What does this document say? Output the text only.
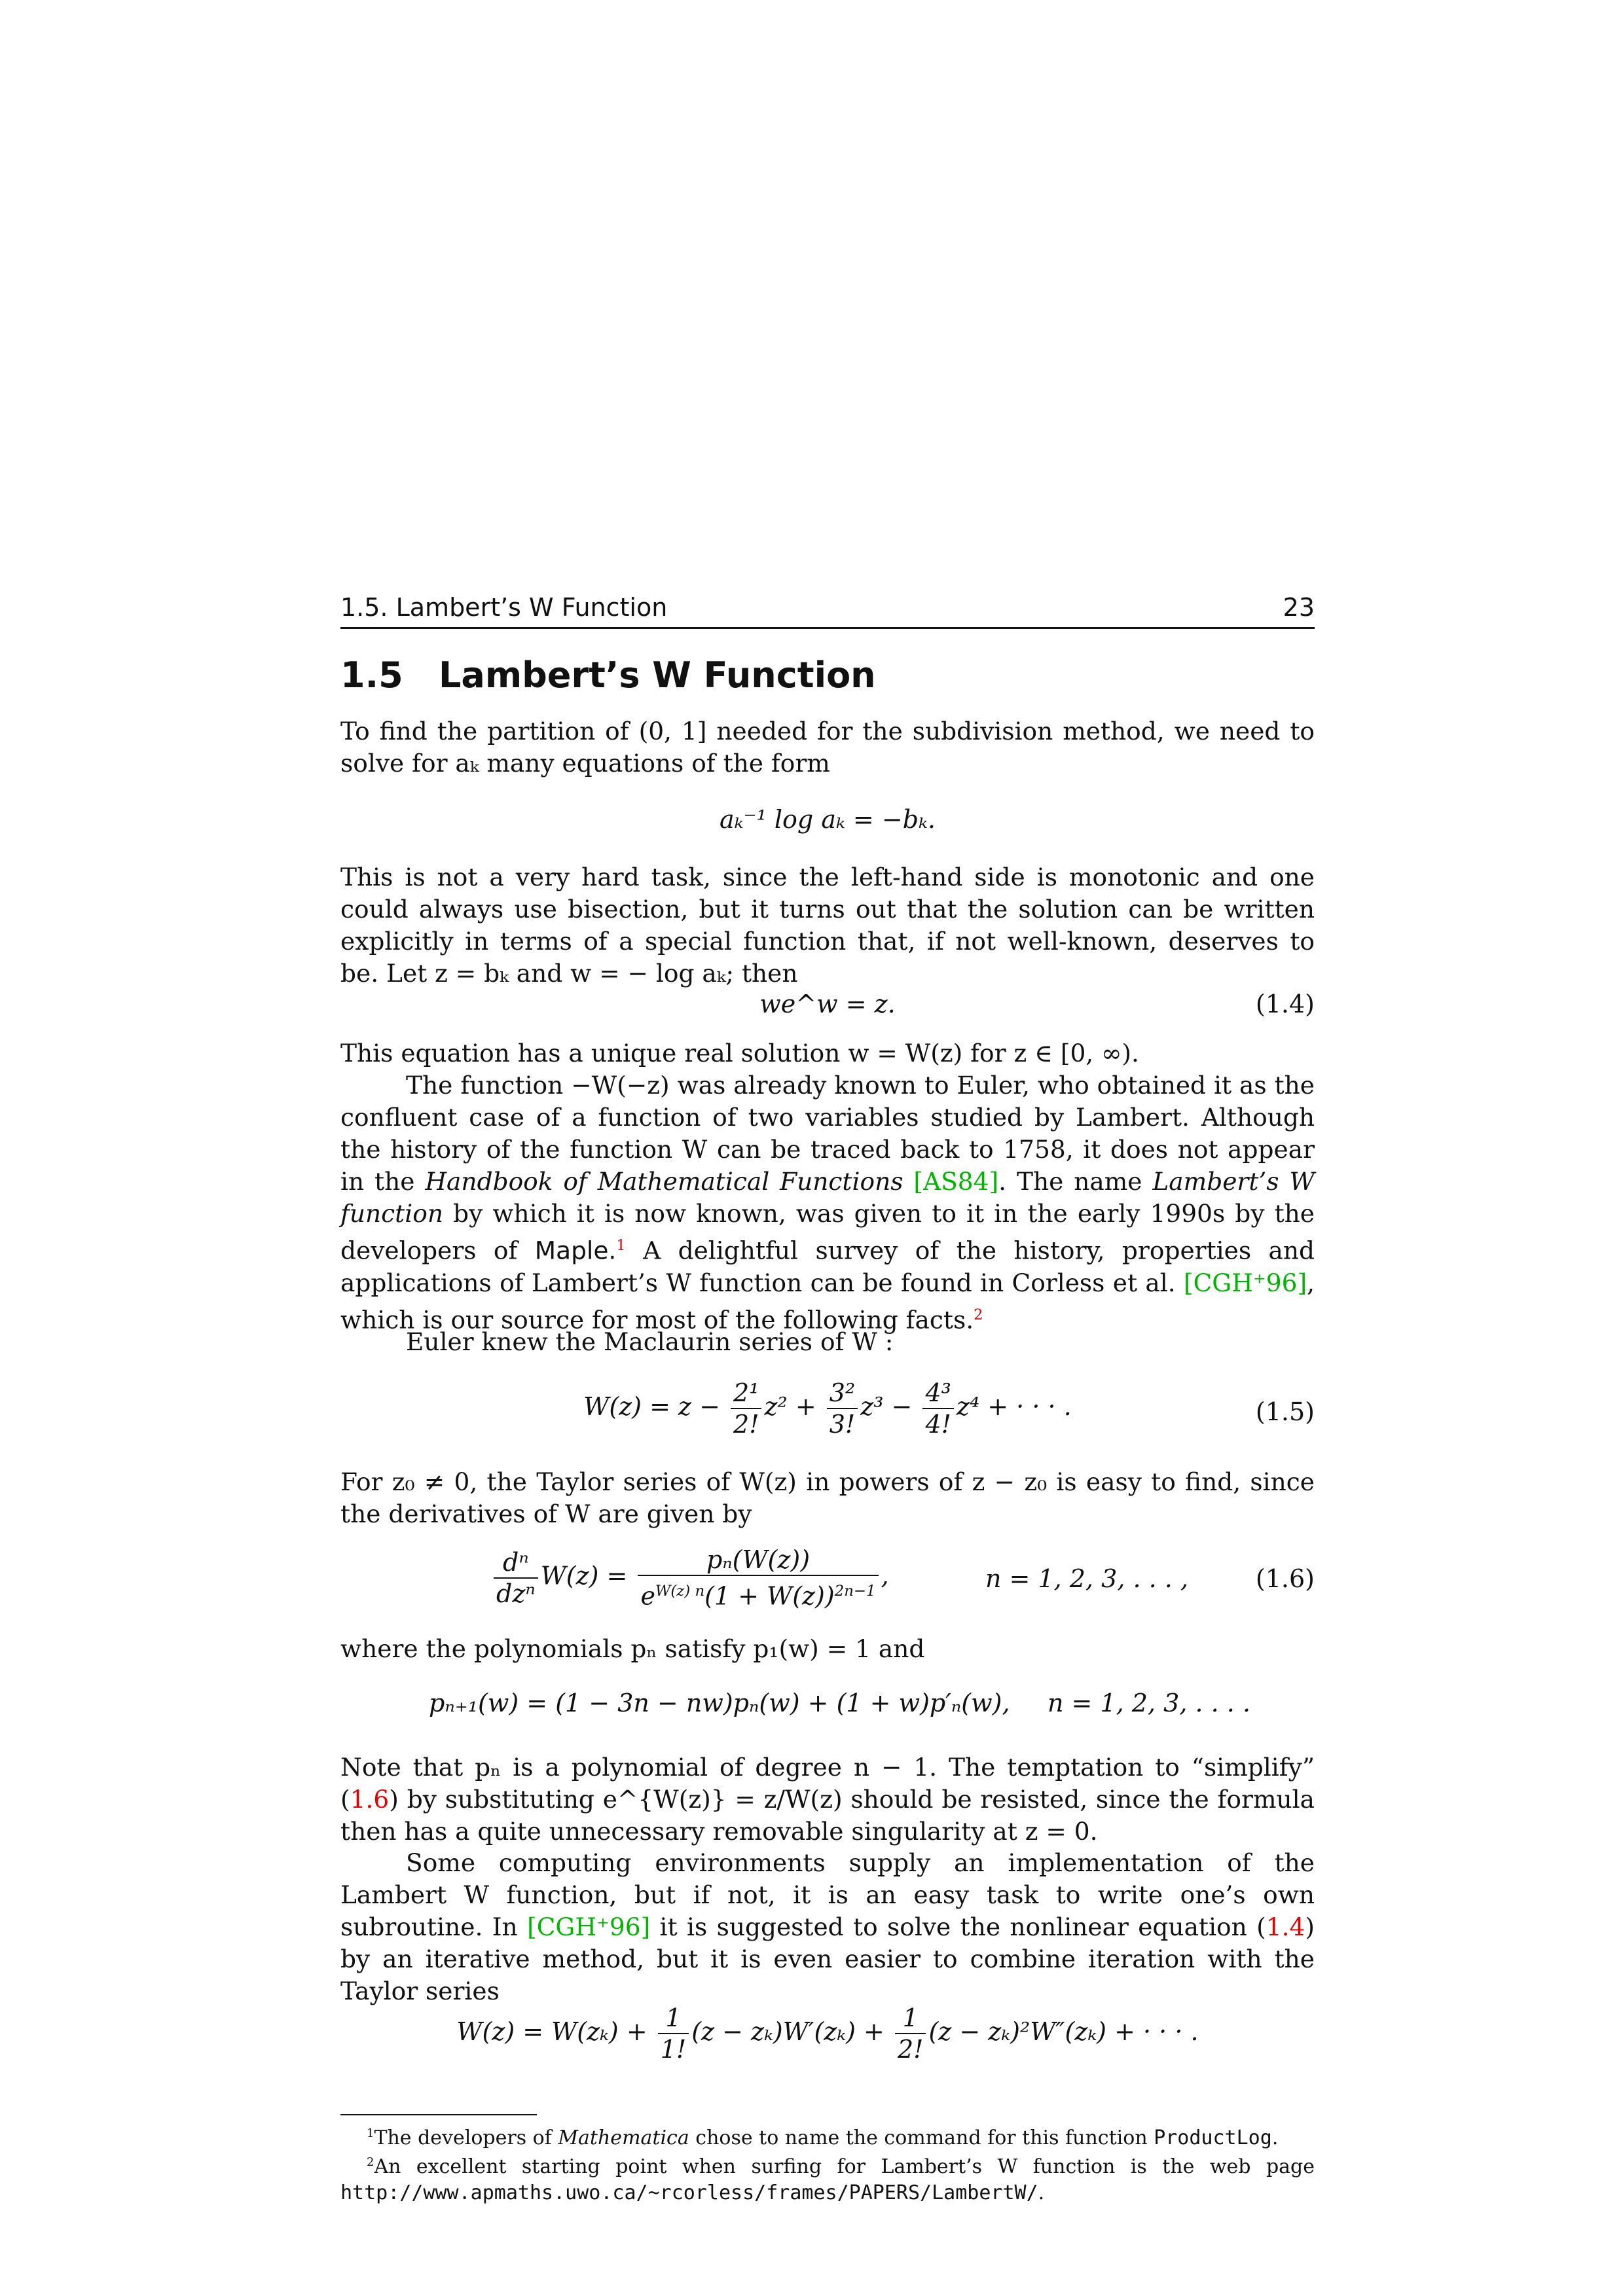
1.5. Lambert’s W Function	23
1.5 Lambert’s W Function
To find the partition of (0, 1] needed for the subdivision method, we need to solve for aₖ many equations of the form
aₖ⁻¹ log aₖ = −bₖ.
This is not a very hard task, since the left-hand side is monotonic and one could always use bisection, but it turns out that the solution can be written explicitly in terms of a special function that, if not well-known, deserves to be. Let z = bₖ and w = − log aₖ; then
we^w = z.	(1.4)
This equation has a unique real solution w = W(z) for z ∈ [0, ∞).
The function −W(−z) was already known to Euler, who obtained it as the confluent case of a function of two variables studied by Lambert. Although the history of the function W can be traced back to 1758, it does not appear in the Handbook of Mathematical Functions [AS84]. The name Lambert’s W function by which it is now known, was given to it in the early 1990s by the developers of Maple.$^1$ A delightful survey of the history, properties and applications of Lambert’s W function can be found in Corless et al. [CGH⁺96], which is our source for most of the following facts.$^2$
Euler knew the Maclaurin series of W :
$W(z) = z - \frac{\text{2¹}}{2!} z^2 + \frac{\text{3²}}{3!} z^3 - \frac{\text{4³}}{4!} z^4$ + · · · .	(1.5)
For z₀ ≠ 0, the Taylor series of W(z) in powers of z − z₀ is easy to find, since the derivatives of W are given by
$\frac{\text{dⁿ}}{\text{dzⁿ}} W(z) = \frac{\text{pₙ(W(z))}}{e^{W(z) n}(1 + W(z))^{2n-1}}$ ,	n = 1, 2, 3, . . . ,	(1.6)
where the polynomials pₙ satisfy p₁(w) = 1 and
pₙ₊₁(w) = (1 − 3n − nw)pₙ(w) + (1 + w)p′ₙ(w), n = 1, 2, 3, . . . .
Note that pₙ is a polynomial of degree n − 1. The temptation to “simplify” (1.6) by substituting e^{W(z)} = z/W(z) should be resisted, since the formula then has a quite unnecessary removable singularity at z = 0.
Some computing environments supply an implementation of the Lambert W function, but if not, it is an easy task to write one’s own subroutine. In [CGH⁺96] it is suggested to solve the nonlinear equation (1.4) by an iterative method, but it is even easier to combine iteration with the Taylor series
$W(z) = W(z_k) + \frac{1}{1!} (z - z_k)W'(z_k) + \frac{1}{2!} (z - z_k)^2W''(z_k)$ + · · · .
$^1$The developers of Mathematica chose to name the command for this function ProductLog.
$^2$An excellent starting point when surfing for Lambert’s W function is the web page http://www.apmaths.uwo.ca/~rcorless/frames/PAPERS/LambertW/.
